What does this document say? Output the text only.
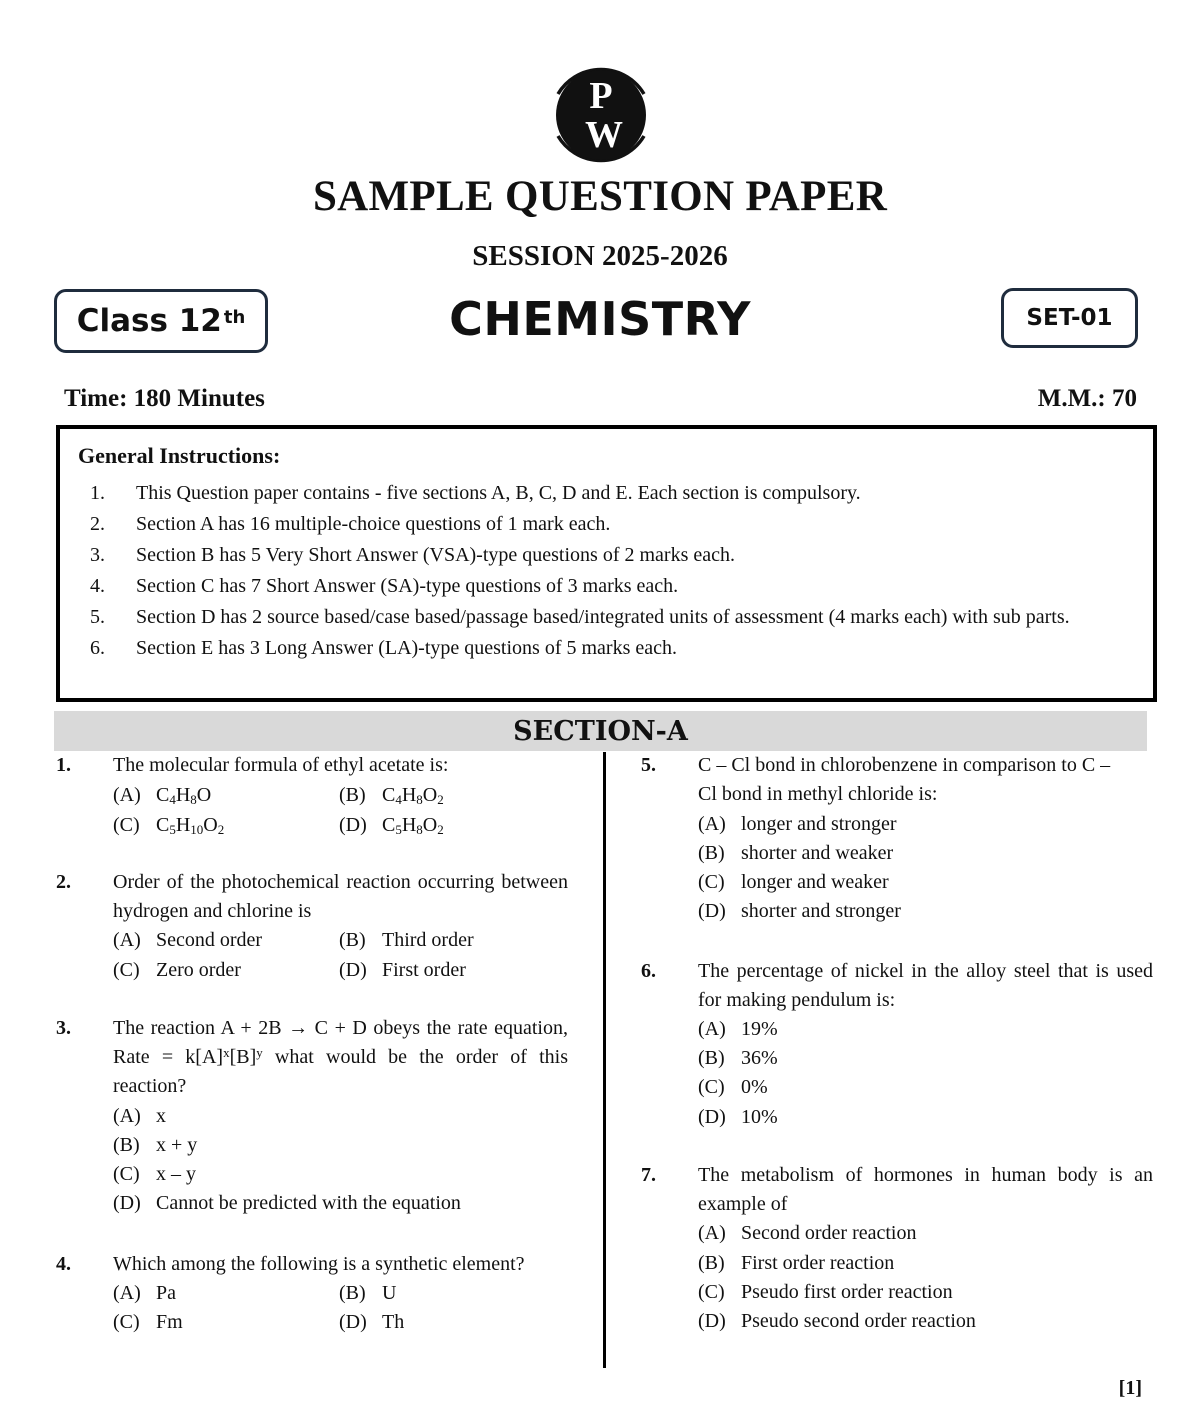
P
W
SAMPLE QUESTION PAPER
SESSION 2025-2026
CHEMISTRY
Class 12th	SET-01
Time: 180 Minutes	M.M.: 70
General Instructions:
1.	This Question paper contains - five sections A, B, C, D and E. Each section is compulsory.
2.	Section A has 16 multiple-choice questions of 1 mark each.
3.	Section B has 5 Very Short Answer (VSA)-type questions of 2 marks each.
4.	Section C has 7 Short Answer (SA)-type questions of 3 marks each.
5.	Section D has 2 source based/case based/passage based/integrated units of assessment (4 marks each) with sub parts.
6.	Section E has 3 Long Answer (LA)-type questions of 5 marks each.
SECTION-A
1. The molecular formula of ethyl acetate is:
(A) $C_4H_8O$	(B) $C_4H_8O_2$
(C) $C_5H_{10}O_2$	(D) $C_5H_8O_2$
2. Order of the photochemical reaction occurring between hydrogen and chlorine is
(A) Second order	(B) Third order
(C) Zero order	(D) First order
3. The reaction A + 2B → C + D obeys the rate equation, Rate = $k[A]^x[B]^y$ what would be the order of this reaction?
(A) x
(B) x + y
(C) x – y
(D) Cannot be predicted with the equation
4. Which among the following is a synthetic element?
(A) Pa	(B) U
(C) Fm	(D) Th
5. C – Cl bond in chlorobenzene in comparison to C – Cl bond in methyl chloride is:
(A) longer and stronger
(B) shorter and weaker
(C) longer and weaker
(D) shorter and stronger
6. The percentage of nickel in the alloy steel that is used for making pendulum is:
(A) 19%
(B) 36%
(C) 0%
(D) 10%
7. The metabolism of hormones in human body is an example of
(A) Second order reaction
(B) First order reaction
(C) Pseudo first order reaction
(D) Pseudo second order reaction
[1]
